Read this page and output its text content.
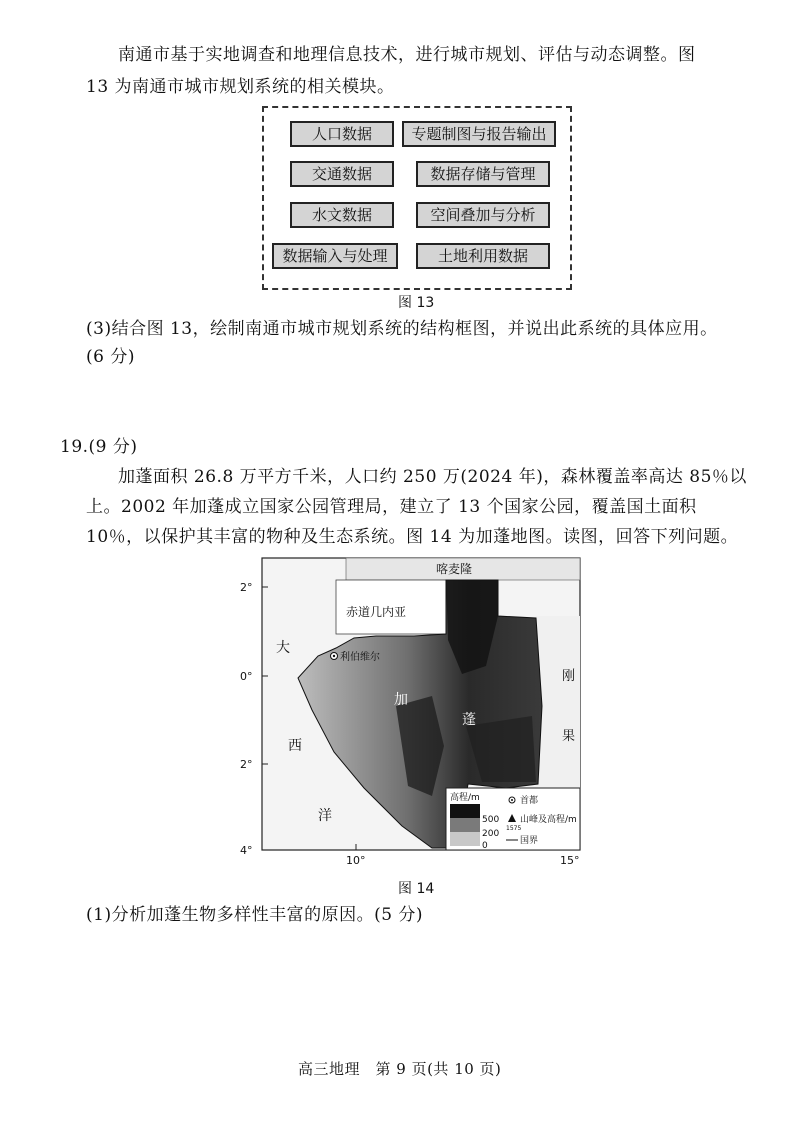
南通市基于实地调查和地理信息技术，进行城市规划、评估与动态调整。图
13 为南通市城市规划系统的相关模块。
人口数据	专题制图与报告输出
交通数据	数据存储与管理
水文数据	空间叠加与分析
数据输入与处理	土地利用数据
图 13
(3)结合图 13，绘制南通市城市规划系统的结构框图，并说出此系统的具体应用。
(6 分)
19.(9 分)
加蓬面积 26.8 万平方千米，人口约 250 万(2024 年)，森林覆盖率高达 85％以
上。2002 年加蓬成立国家公园管理局，建立了 13 个国家公园，覆盖国土面积
10％，以保护其丰富的物种及生态系统。图 14 为加蓬地图。读图，回答下列问题。
2°
0°
2°
4°
10°	15°
喀麦隆
赤道几内亚
利伯维尔
大
西
洋
加
蓬
刚
果
高程/m
500
200
0
首都
山峰及高程/m
1575
国界
图 14
(1)分析加蓬生物多样性丰富的原因。(5 分)
高三地理　第 9 页(共 10 页)
